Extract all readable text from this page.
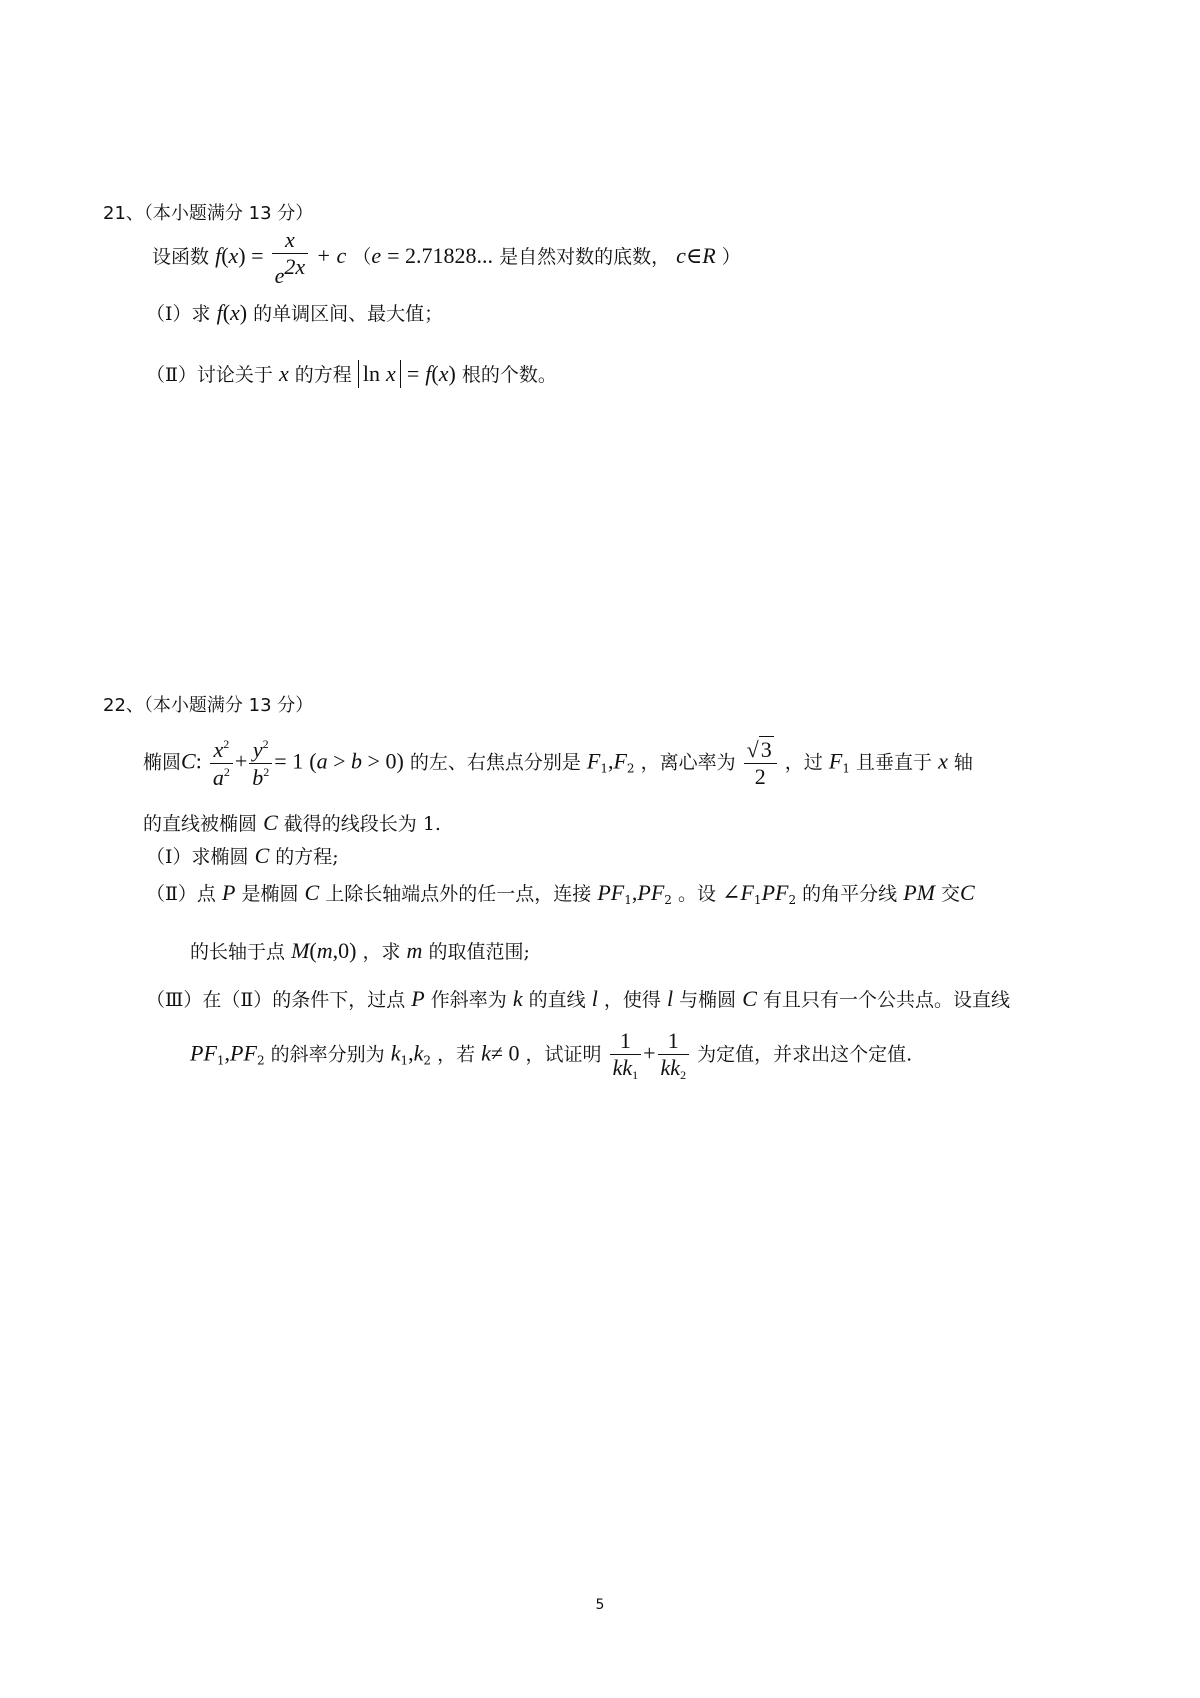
21、（本小题满分 13 分）
设函数 $f(x) = \frac{x}{e^{2x}} + c$ （e = 2.71828... 是自然对数的底数， c∈R ）
（Ⅰ）求 f(x) 的单调区间、最大值；
（Ⅱ）讨论关于 x 的方程 ln x = f(x) 根的个数。
22、（本小题满分 13 分）
椭圆C: $\frac{x^2}{a^2} + \frac{y^2}{b^2} = 1$ (a > b > 0) 的左、右焦点分别是 $F_1,F_2$ ，离心率为 $\frac{√3}{2}$ ，过 $F_1$ 且垂直于 x 轴
的直线被椭圆 C 截得的线段长为 1.
（Ⅰ）求椭圆 C 的方程;
（Ⅱ）点 P 是椭圆 C 上除长轴端点外的任一点，连接 $PF_1,PF_2$ 。设 $\angle F_1PF_2$ 的角平分线 PM 交C
的长轴于点 M(m,0) ，求 m 的取值范围;
（Ⅲ）在（Ⅱ）的条件下，过点 P 作斜率为 k 的直线 l ，使得 l 与椭圆 C 有且只有一个公共点。设直线
$PF_1,PF_2$ 的斜率分别为 $k_1,k_2$ ，若 k≠ 0 ，试证明 $\frac{1}{kk_1} + \frac{1}{kk_2}$ 为定值，并求出这个定值.
5
